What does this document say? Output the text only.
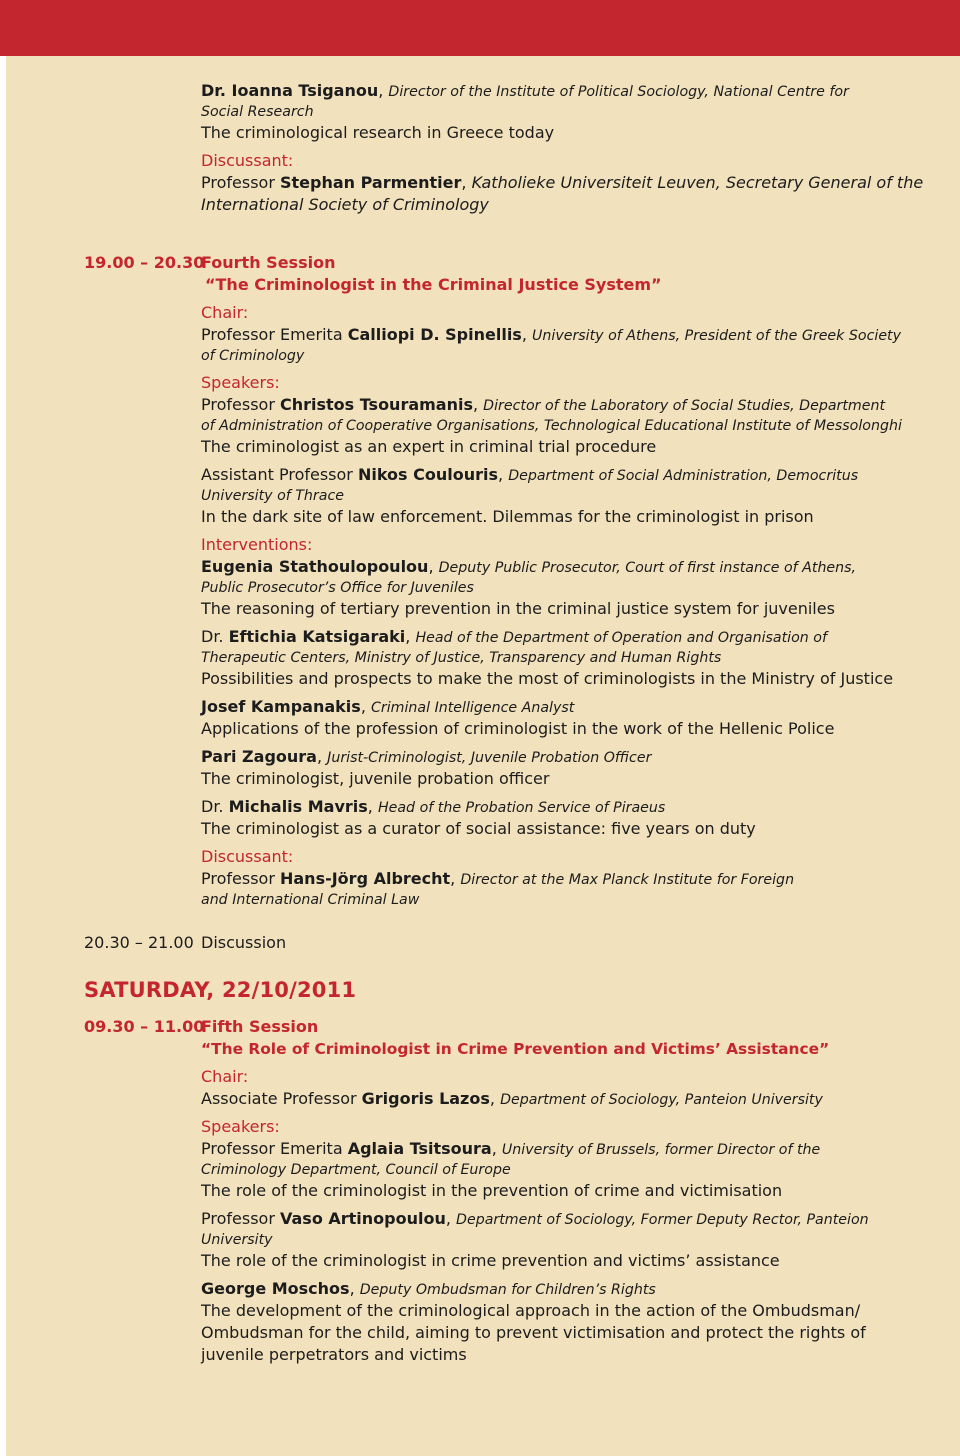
Dr. Ioanna Tsiganou, Director of the Institute of Political Sociology, National Centre for
Social Research
The criminological research in Greece today
Discussant:
Professor Stephan Parmentier, Katholieke Universiteit Leuven, Secretary General of the
International Society of Criminology
19.00 – 20.30
Fourth Session
“The Criminologist in the Criminal Justice System”
Chair:
Professor Emerita Calliopi D. Spinellis, University of Athens, President of the Greek Society
of Criminology
Speakers:
Professor Christos Tsouramanis, Director of the Laboratory of Social Studies, Department
of Administration of Cooperative Organisations, Technological Educational Institute of Messolonghi
The criminologist as an expert in criminal trial procedure
Assistant Professor Nikos Coulouris, Department of Social Administration, Democritus
University of Thrace
In the dark site of law enforcement. Dilemmas for the criminologist in prison
Interventions:
Eugenia Stathoulopoulou, Deputy Public Prosecutor, Court of first instance of Athens,
Public Prosecutor’s Office for Juveniles
The reasoning of tertiary prevention in the criminal justice system for juveniles
Dr. Eftichia Katsigaraki, Head of the Department of Operation and Organisation of
Therapeutic Centers, Ministry of Justice, Transparency and Human Rights
Possibilities and prospects to make the most of criminologists in the Ministry of Justice
Josef Kampanakis, Criminal Intelligence Analyst
Applications of the profession of criminologist in the work of the Hellenic Police
Pari Zagoura, Jurist-Criminologist, Juvenile Probation Officer
The criminologist, juvenile probation officer
Dr. Michalis Mavris, Head of the Probation Service of Piraeus
The criminologist as a curator of social assistance: five years on duty
Discussant:
Professor Hans-Jörg Albrecht, Director at the Max Planck Institute for Foreign
and International Criminal Law
20.30 – 21.00 Discussion
SATURDAY, 22/10/2011
09.30 – 11.00
Fifth Session
“The Role of Criminologist in Crime Prevention and Victims’ Assistance”
Chair:
Associate Professor Grigoris Lazos, Department of Sociology, Panteion University
Speakers:
Professor Emerita Aglaia Tsitsoura, University of Brussels, former Director of the
Criminology Department, Council of Europe
The role of the criminologist in the prevention of crime and victimisation
Professor Vaso Artinopoulou, Department of Sociology, Former Deputy Rector, Panteion
University
The role of the criminologist in crime prevention and victims’ assistance
George Moschos, Deputy Ombudsman for Children’s Rights
The development of the criminological approach in the action of the Ombudsman/
Ombudsman for the child, aiming to prevent victimisation and protect the rights of
juvenile perpetrators and victims
